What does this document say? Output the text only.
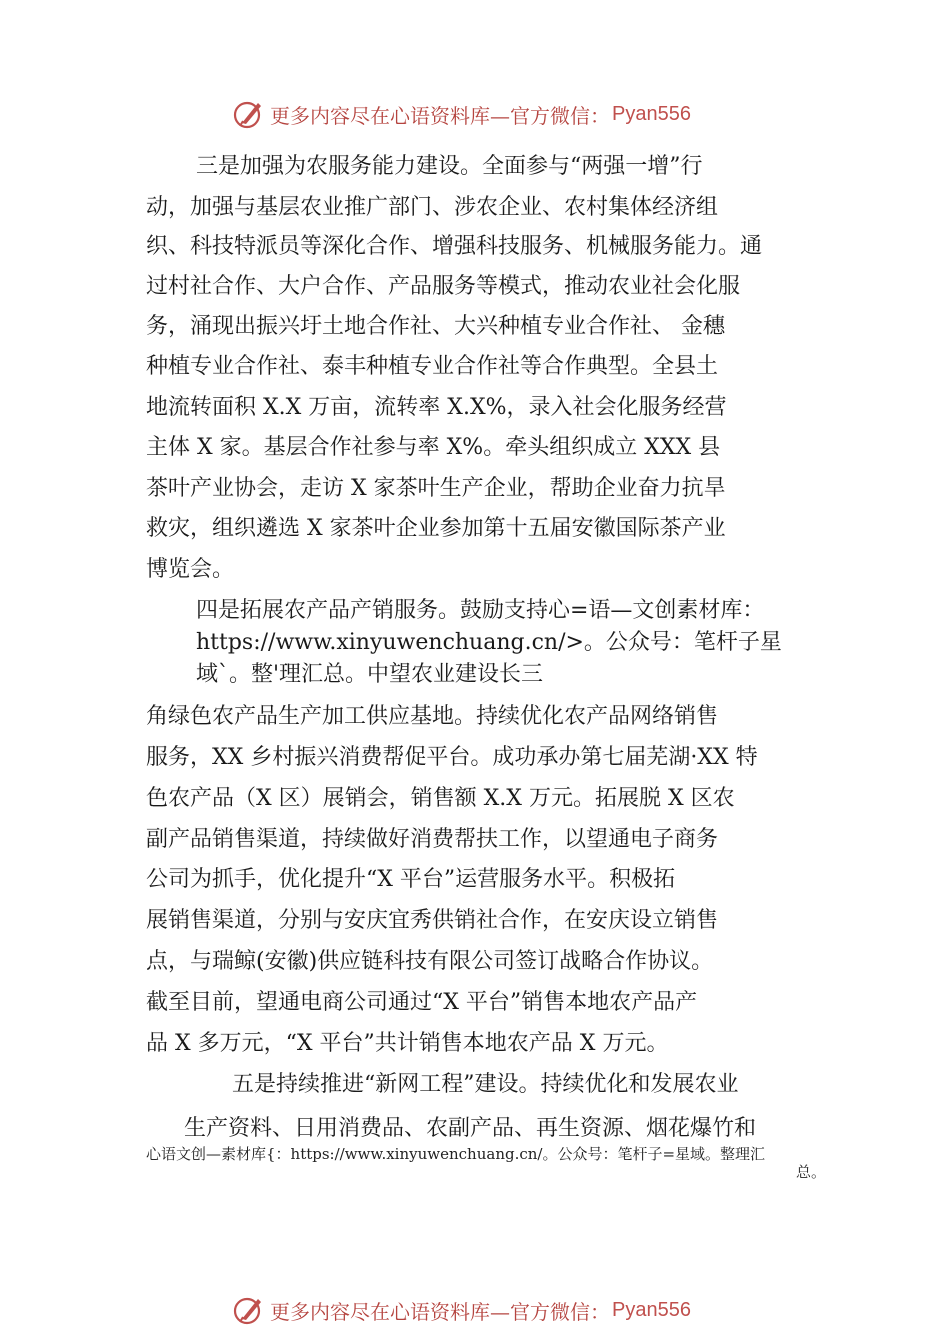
更多内容尽在心语资料库—官方微信： Pyan556
三是加强为农服务能力建设。全面参与“两强一增”行
动，加强与基层农业推广部门、涉农企业、农村集体经济组
织、科技特派员等深化合作、增强科技服务、机械服务能力。通
过村社合作、大户合作、产品服务等模式，推动农业社会化服
务，涌现出振兴圩土地合作社、大兴种植专业合作社、 金穗
种植专业合作社、泰丰种植专业合作社等合作典型。全县土
地流转面积 X.X 万亩，流转率 X.X%，录入社会化服务经营
主体 X 家。基层合作社参与率 X%。牵头组织成立 XXX 县
茶叶产业协会，走访 X 家茶叶生产企业，帮助企业奋力抗旱
救灾，组织遴选 X 家茶叶企业参加第十五届安徽国际茶产业
博览会。
四是拓展农产品产销服务。鼓励支持心=语—文创素材库：
https://www.xinyuwenchuang.cn/>。公众号：笔杆子星
域`。整'理汇总。中望农业建设长三
角绿色农产品生产加工供应基地。持续优化农产品网络销售
服务，XX 乡村振兴消费帮促平台。成功承办第七届芜湖·XX 特
色农产品（X 区）展销会，销售额 X.X 万元。拓展脱 X 区农
副产品销售渠道，持续做好消费帮扶工作，以望通电子商务
公司为抓手，优化提升“X 平台”运营服务水平。积极拓
展销售渠道，分别与安庆宜秀供销社合作，在安庆设立销售
点，与瑞鲸(安徽)供应链科技有限公司签订战略合作协议。
截至目前，望通电商公司通过“X 平台”销售本地农产品产
品 X 多万元，“X 平台”共计销售本地农产品 X 万元。
五是持续推进“新网工程”建设。持续优化和发展农业
生产资料、日用消费品、农副产品、再生资源、烟花爆竹和
心语文创—素材库{：https://www.xinyuwenchuang.cn/。公众号：笔杆子=星域。整理汇
总。
更多内容尽在心语资料库—官方微信： Pyan556
